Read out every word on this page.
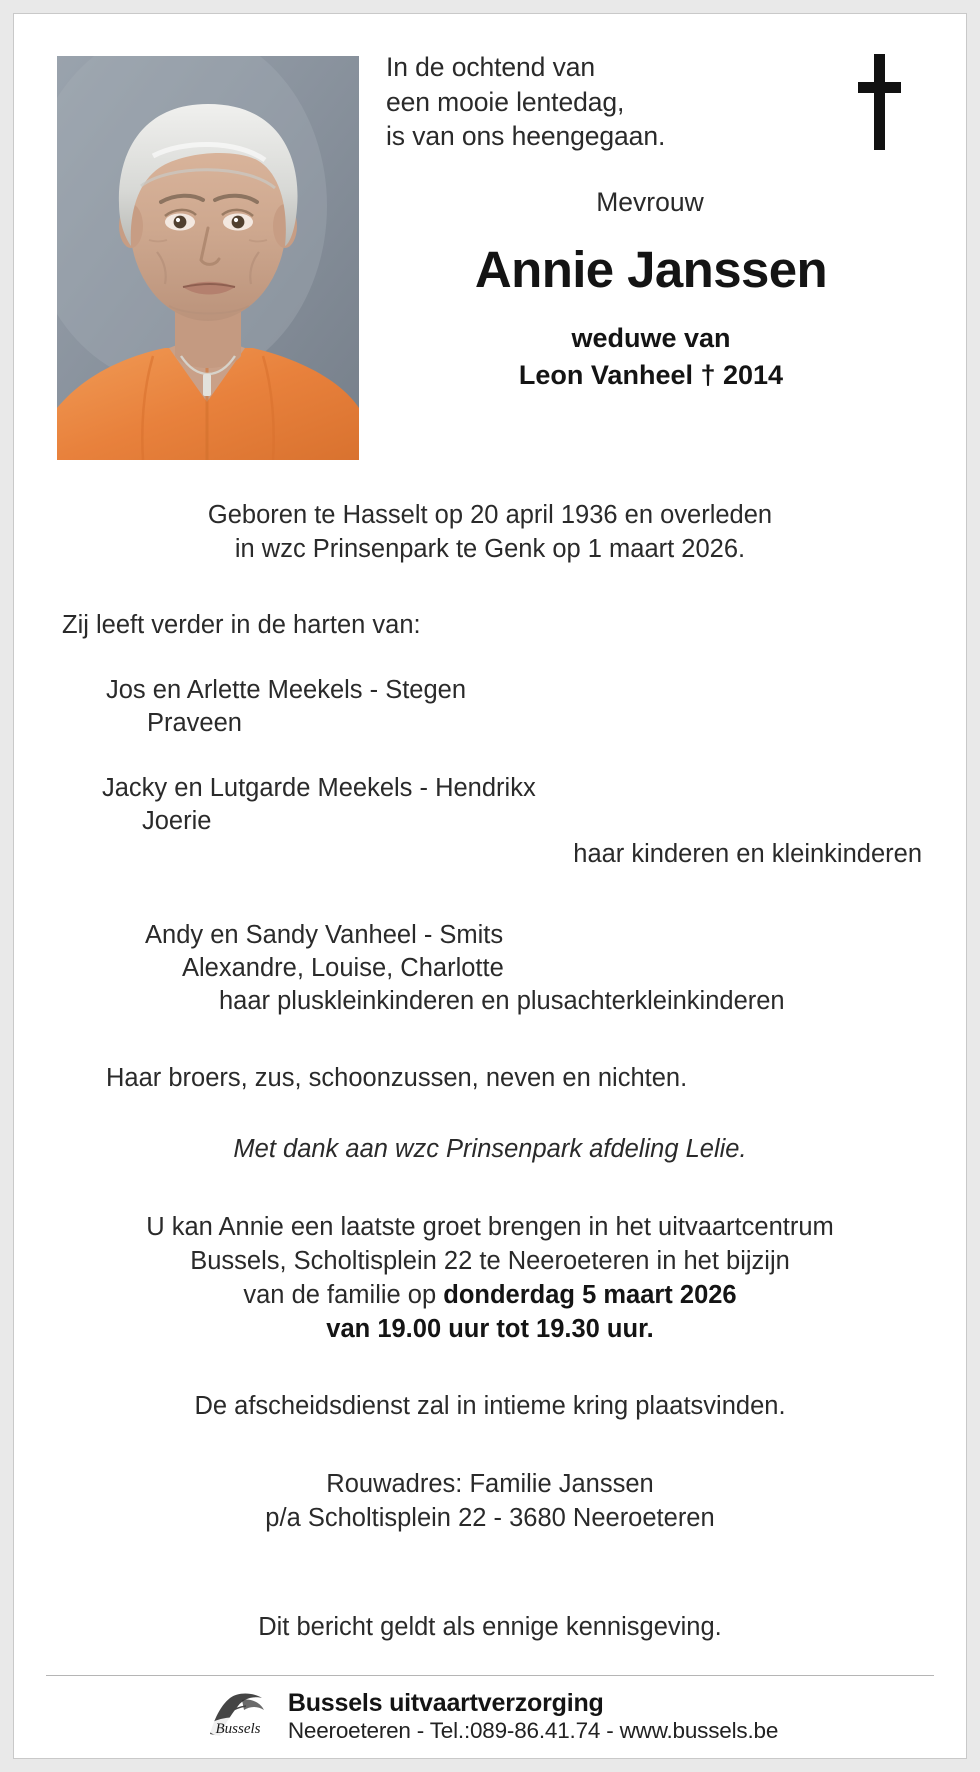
In de ochtend van
een mooie lentedag,
is van ons heengegaan.
Mevrouw
Annie Janssen
weduwe van
Leon Vanheel † 2014
Geboren te Hasselt op 20 april 1936 en overleden
in wzc Prinsenpark te Genk op 1 maart 2026.
Zij leeft verder in de harten van:
Jos en Arlette Meekels - Stegen
Praveen
Jacky en Lutgarde Meekels - Hendrikx
Joerie
haar kinderen en kleinkinderen
Andy en Sandy Vanheel - Smits
Alexandre, Louise, Charlotte
haar pluskleinkinderen en plusachterkleinkinderen
Haar broers, zus, schoonzussen, neven en nichten.
Met dank aan wzc Prinsenpark afdeling Lelie.
U kan Annie een laatste groet brengen in het uitvaartcentrum
Bussels, Scholtisplein 22 te Neeroeteren in het bijzijn
van de familie op donderdag 5 maart 2026
van 19.00 uur tot 19.30 uur.
De afscheidsdienst zal in intieme kring plaatsvinden.
Rouwadres: Familie Janssen
p/a Scholtisplein 22 - 3680 Neeroeteren
Dit bericht geldt als ennige kennisgeving.
Bussels
Bussels uitvaartverzorging
Neeroeteren - Tel.:089-86.41.74 - www.bussels.be
